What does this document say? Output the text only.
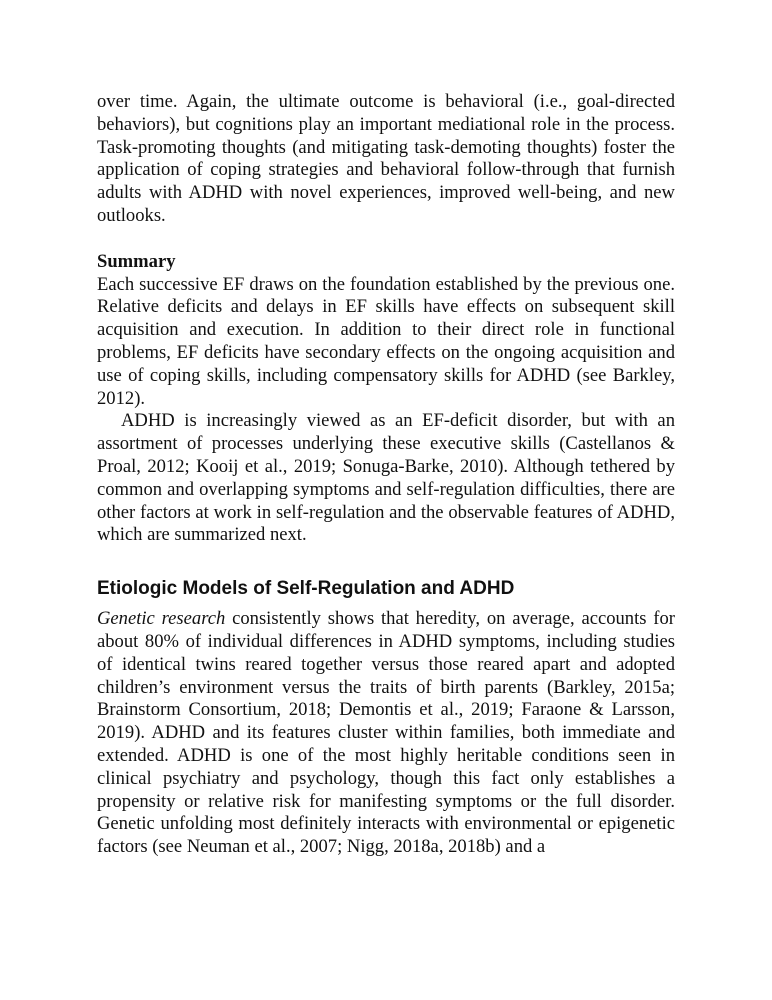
over time. Again, the ultimate outcome is behavioral (i.e., goal-directed behaviors), but cognitions play an important mediational role in the process. Task-promoting thoughts (and mitigating task-demoting thoughts) foster the application of coping strategies and behavioral follow-through that furnish adults with ADHD with novel experiences, improved well-being, and new outlooks.

Summary

Each successive EF draws on the foundation established by the previous one. Relative deficits and delays in EF skills have effects on subsequent skill acquisition and execution. In addition to their direct role in functional problems, EF deficits have secondary effects on the ongoing acquisition and use of coping skills, including compensatory skills for ADHD (see Barkley, 2012).

ADHD is increasingly viewed as an EF-deficit disorder, but with an assortment of processes underlying these executive skills (Castellanos & Proal, 2012; Kooij et al., 2019; Sonuga-Barke, 2010). Although tethered by common and overlapping symptoms and self-regulation difficulties, there are other factors at work in self-regulation and the observable features of ADHD, which are summarized next.

Etiologic Models of Self-Regulation and ADHD

Genetic research consistently shows that heredity, on average, accounts for about 80% of individual differences in ADHD symptoms, including studies of identical twins reared together versus those reared apart and adopted children’s environment versus the traits of birth parents (Barkley, 2015a; Brainstorm Consortium, 2018; Demontis et al., 2019; Faraone & Larsson, 2019). ADHD and its features cluster within families, both immediate and extended. ADHD is one of the most highly heritable conditions seen in clinical psychiatry and psychology, though this fact only establishes a propensity or relative risk for manifesting symptoms or the full disorder. Genetic unfolding most definitely interacts with environmental or epigenetic factors (see Neuman et al., 2007; Nigg, 2018a, 2018b) and a
